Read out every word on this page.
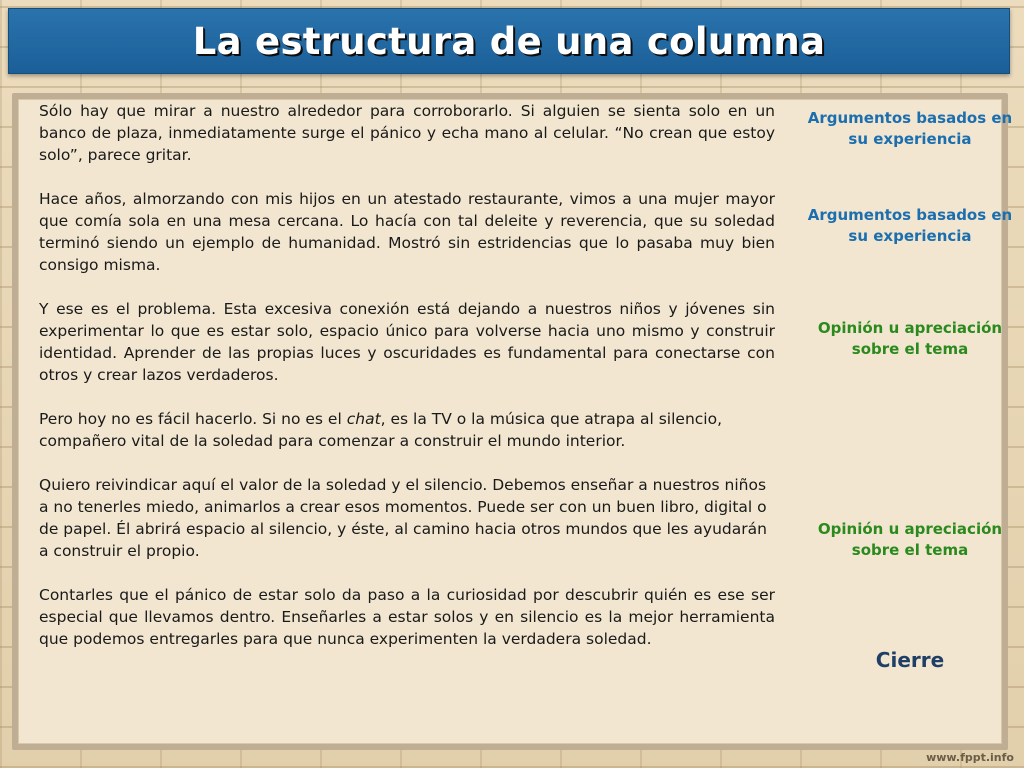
La estructura de una columna

Sólo hay que mirar a nuestro alrededor para corroborarlo. Si alguien se sienta solo en un banco de plaza, inmediatamente surge el pánico y echa mano al celular. “No crean que estoy solo”, parece gritar.

Hace años, almorzando con mis hijos en un atestado restaurante, vimos a una mujer mayor que comía sola en una mesa cercana. Lo hacía con tal deleite y reverencia, que su soledad terminó siendo un ejemplo de humanidad. Mostró sin estridencias que lo pasaba muy bien consigo misma.

Y ese es el problema. Esta excesiva conexión está dejando a nuestros niños y jóvenes sin experimentar lo que es estar solo, espacio único para volverse hacia uno mismo y construir identidad. Aprender de las propias luces y oscuridades es fundamental para conectarse con otros y crear lazos verdaderos.

Pero hoy no es fácil hacerlo. Si no es el chat, es la TV o la música que atrapa al silencio, compañero vital de la soledad para comenzar a construir el mundo interior.

Quiero reivindicar aquí el valor de la soledad y el silencio. Debemos enseñar a nuestros niños a no tenerles miedo, animarlos a crear esos momentos. Puede ser con un buen libro, digital o de papel. Él abrirá espacio al silencio, y éste, al camino hacia otros mundos que les ayudarán a construir el propio.

Contarles que el pánico de estar solo da paso a la curiosidad por descubrir quién es ese ser especial que llevamos dentro. Enseñarles a estar solos y en silencio es la mejor herramienta que podemos entregarles para que nunca experimenten la verdadera soledad.

Argumentos basados en su experiencia
Argumentos basados en su experiencia
Opinión u apreciación sobre el tema
Opinión u apreciación sobre el tema
Cierre
www.fppt.info
